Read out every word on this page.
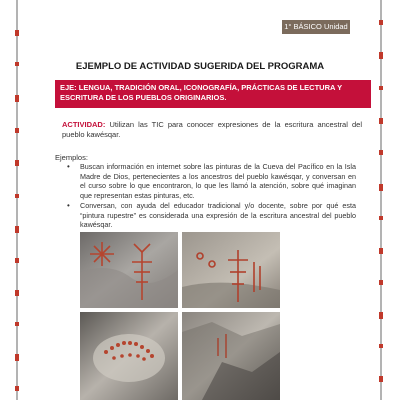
1° BÁSICO Unidad 2
EJEMPLO DE ACTIVIDAD SUGERIDA DEL PROGRAMA
EJE: LENGUA, TRADICIÓN ORAL, ICONOGRAFÍA, PRÁCTICAS DE LECTURA Y ESCRITURA DE LOS PUEBLOS ORIGINARIOS.
ACTIVIDAD: Utilizan las TIC para conocer expresiones de la escritura ancestral del pueblo kawésqar.
Ejemplos:
• Buscan información en internet sobre las pinturas de la Cueva del Pacífico en la Isla Madre de Dios, pertenecientes a los ancestros del pueblo kawésqar, y conversan en el curso sobre lo que encontraron, lo que les llamó la atención, sobre qué imaginan que representan estas pinturas, etc.
• Conversan, con ayuda del educador tradicional y/o docente, sobre por qué esta “pintura rupestre” es considerada una expresión de la escritura ancestral del pueblo kawésqar.
